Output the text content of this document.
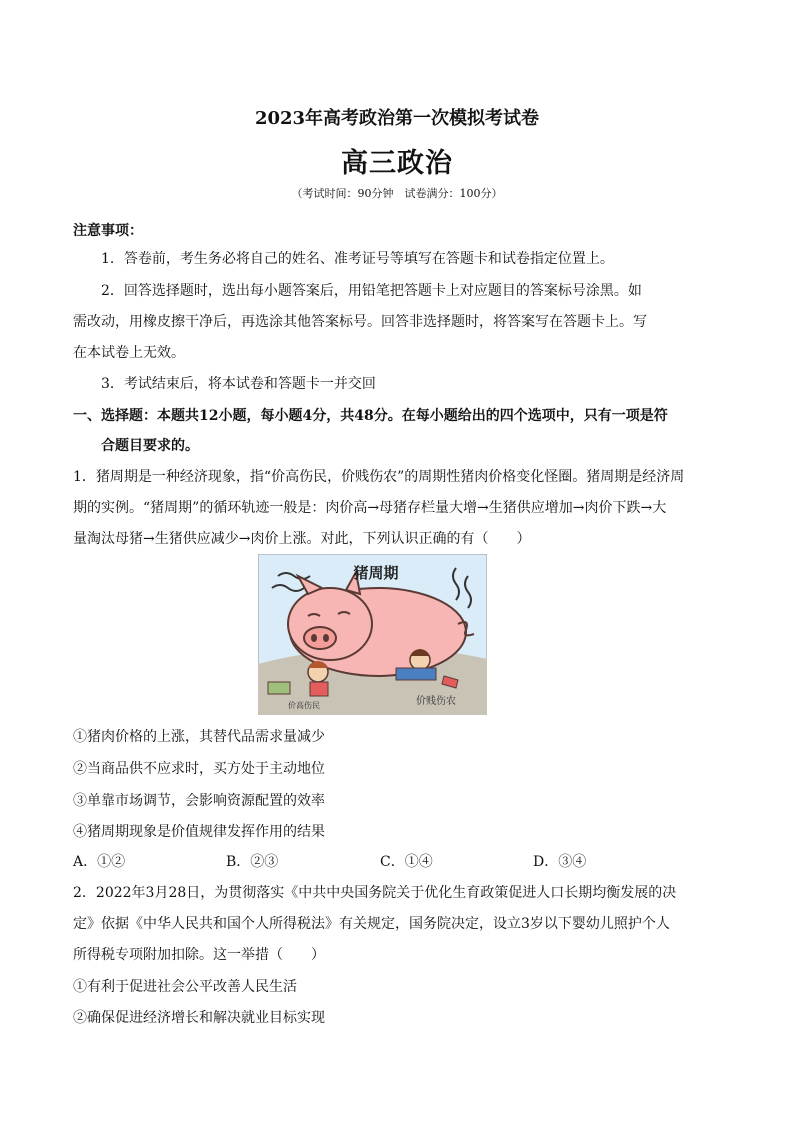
2023年高考政治第一次模拟考试卷
高三政治
（考试时间：90分钟　试卷满分：100分）
注意事项：
1．答卷前，考生务必将自己的姓名、准考证号等填写在答题卡和试卷指定位置上。
2．回答选择题时，选出每小题答案后，用铅笔把答题卡上对应题目的答案标号涂黑。如
需改动，用橡皮擦干净后，再选涂其他答案标号。回答非选择题时，将答案写在答题卡上。写
在本试卷上无效。
3．考试结束后，将本试卷和答题卡一并交回
一、选择题：本题共12小题，每小题4分，共48分。在每小题给出的四个选项中，只有一项是符
合题目要求的。
1．猪周期是一种经济现象，指“价高伤民，价贱伤农”的周期性猪肉价格变化怪圈。猪周期是经济周
期的实例。“猪周期”的循环轨迹一般是：肉价高→母猪存栏量大增→生猪供应增加→肉价下跌→大
量淘汰母猪→生猪供应减少→肉价上涨。对此，下列认识正确的有（　　）
猪周期
价高伤民	价贱伤农
①猪肉价格的上涨，其替代品需求量减少
②当商品供不应求时，买方处于主动地位
③单靠市场调节，会影响资源配置的效率
④猪周期现象是价值规律发挥作用的结果
A．①②	B．②③	C．①④	D．③④
2．2022年3月28日，为贯彻落实《中共中央国务院关于优化生育政策促进人口长期均衡发展的决
定》依据《中华人民共和国个人所得税法》有关规定，国务院决定，设立3岁以下婴幼儿照护个人
所得税专项附加扣除。这一举措（　　）
①有利于促进社会公平改善人民生活
②确保促进经济增长和解决就业目标实现
